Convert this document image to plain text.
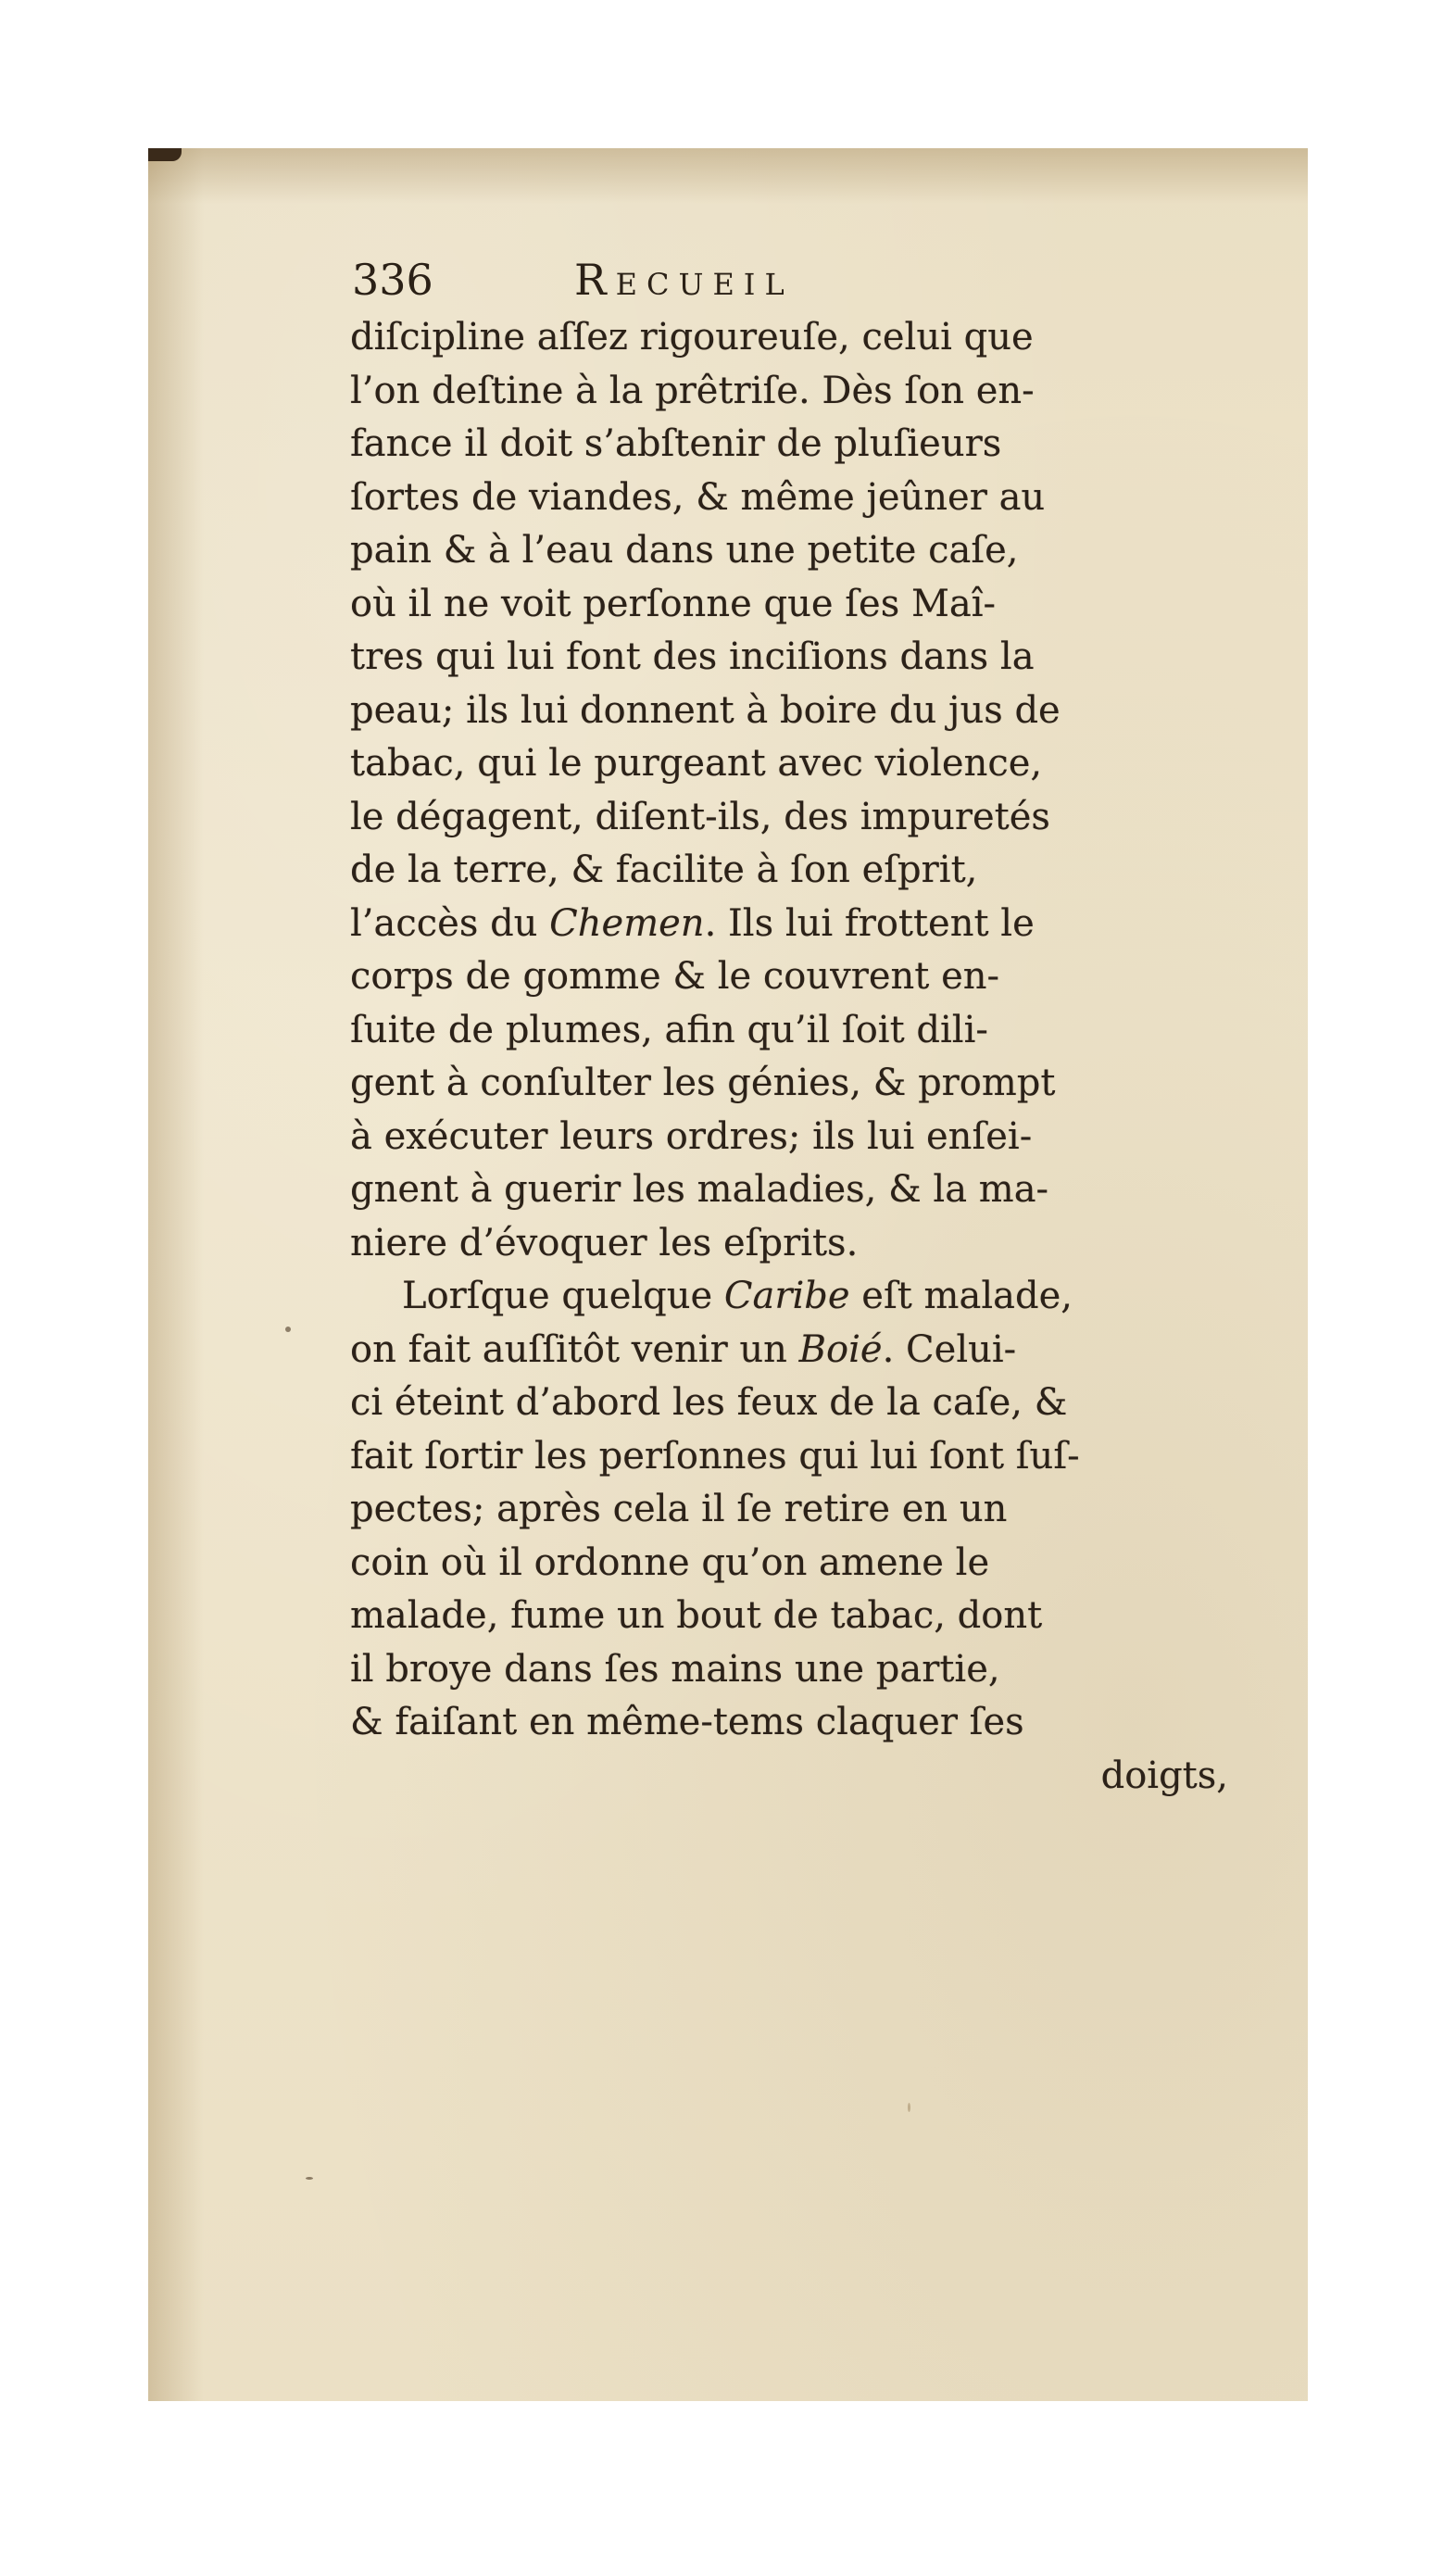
336	Recueil
diſcipline aſſez rigoureuſe, celui que
l’on deſtine à la prêtriſe. Dès ſon en-
fance il doit s’abſtenir de pluſieurs
ſortes de viandes, & même jeûner au
pain & à l’eau dans une petite caſe,
où il ne voit perſonne que ſes Maî-
tres qui lui font des inciſions dans la
peau; ils lui donnent à boire du jus de
tabac, qui le purgeant avec violence,
le dégagent, diſent-ils, des impuretés
de la terre, & facilite à ſon eſprit,
l’accès du Chemen. Ils lui frottent le
corps de gomme & le couvrent en-
ſuite de plumes, afin qu’il ſoit dili-
gent à conſulter les génies, & prompt
à exécuter leurs ordres; ils lui enſei-
gnent à guerir les maladies, & la ma-
niere d’évoquer les eſprits.
Lorſque quelque Caribe eſt malade,
on fait auſſitôt venir un Boié. Celui-
ci éteint d’abord les feux de la caſe, &
fait ſortir les perſonnes qui lui ſont ſuſ-
pectes; après cela il ſe retire en un
coin où il ordonne qu’on amene le
malade, fume un bout de tabac, dont
il broye dans ſes mains une partie,
& faiſant en même-tems claquer ſes
doigts,
